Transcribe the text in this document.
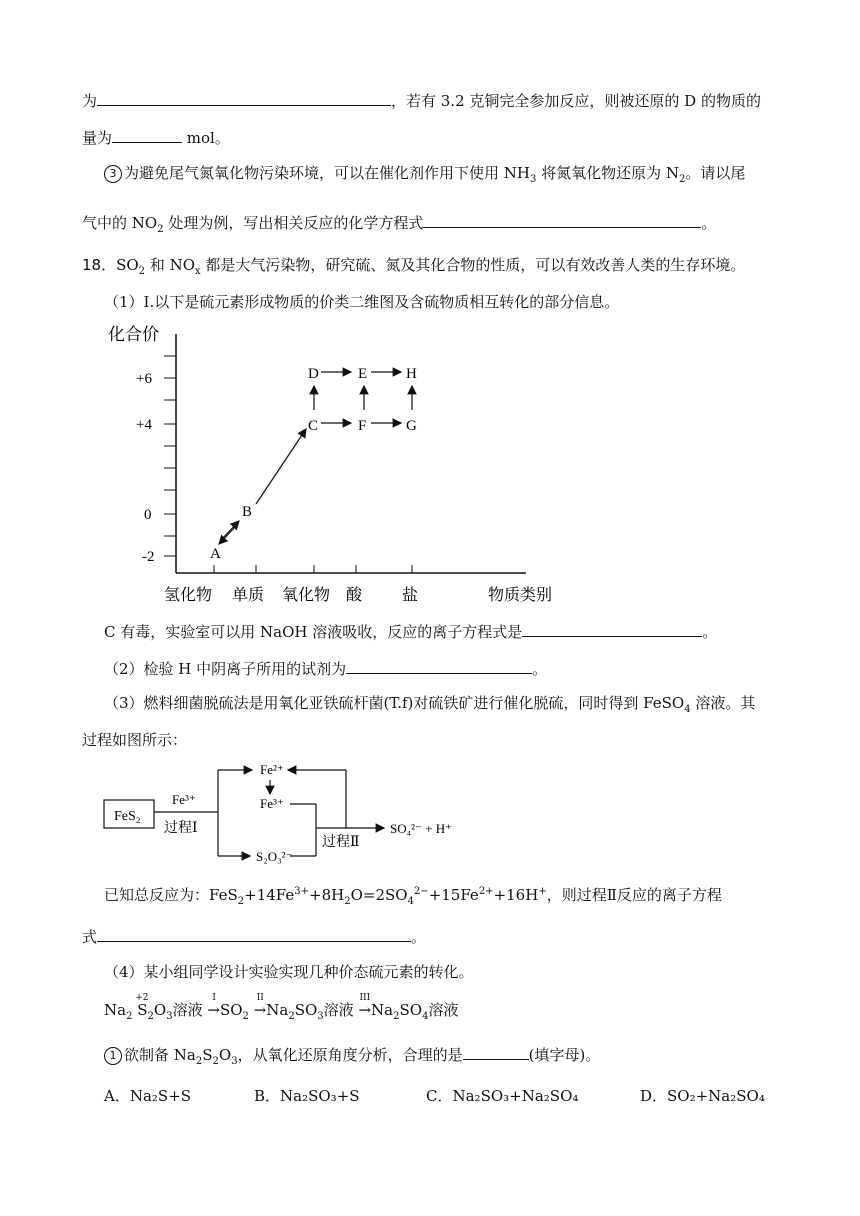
为	，若有 3.2 克铜完全参加反应，则被还原的 D 的物质的
量为	mol。
3 为避免尾气氮氧化物污染环境，可以在催化剂作用下使用 $NH_3$ 将氮氧化物还原为 $N_2$。请以尾
气中的 $NO_2$ 处理为例，写出相关反应的化学方程式	。
18．$SO_2$ 和 $NO_x$ 都是大气污染物，研究硫、氮及其化合物的性质，可以有效改善人类的生存环境。
（1）Ⅰ.以下是硫元素形成物质的价类二维图及含硫物质相互转化的部分信息。
化合价
+6
+4
0
-2
氢化物 单质 氧化物 酸 盐	物质类别
A
B
C
D	E
F	G
H
C 有毒，实验室可以用 NaOH 溶液吸收，反应的离子方程式是	。
（2）检验 H 中阴离子所用的试剂为	。
（3）燃料细菌脱硫法是用氧化亚铁硫杆菌(T.f)对硫铁矿进行催化脱硫，同时得到 FeSO$_4$ 溶液。其
过程如图所示：
FeS₂
Fe³⁺
过程Ⅰ
Fe²⁺
Fe³⁺
S₂O₃²⁻
过程Ⅱ
SO₄²⁻ + H⁺
已知总反应为：$FeS_2+14Fe^{3+}+8H_2O=2SO_4^{2-}+15Fe^{2+}+16H^+$，则过程Ⅱ反应的离子方程
式	。
（4）某小组同学设计实验实现几种价态硫元素的转化。
$Na_2$
+2
$S_2O_3$溶液
I
$\to SO_2$
II
$\to Na_2SO_3$溶液
III
$\to Na_2SO_4$溶液
1 欲制备 $Na_2S_2O_3$，从氧化还原角度分析，合理的是	(填字母)。
A．Na₂S+S	B．Na₂SO₃+S	C．Na₂SO₃+Na₂SO₄	D．SO₂+Na₂SO₄
